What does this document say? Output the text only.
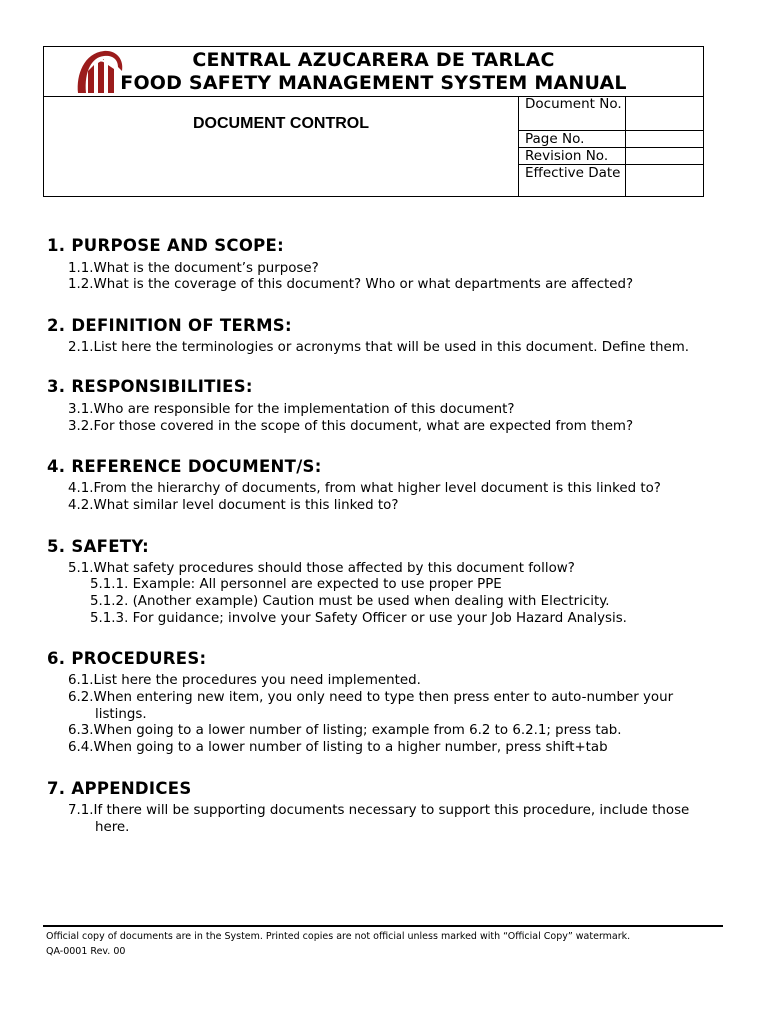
CENTRAL AZUCARERA DE TARLAC
FOOD SAFETY MANAGEMENT SYSTEM MANUAL
DOCUMENT CONTROL
Document No.
Page No.
Revision No.
Effective Date
1. PURPOSE AND SCOPE:
1.1.What is the document’s purpose?
1.2.What is the coverage of this document? Who or what departments are affected?
2. DEFINITION OF TERMS:
2.1.List here the terminologies or acronyms that will be used in this document. Define them.
3. RESPONSIBILITIES:
3.1.Who are responsible for the implementation of this document?
3.2.For those covered in the scope of this document, what are expected from them?
4. REFERENCE DOCUMENT/S:
4.1.From the hierarchy of documents, from what higher level document is this linked to?
4.2.What similar level document is this linked to?
5. SAFETY:
5.1.What safety procedures should those affected by this document follow?
5.1.1. Example: All personnel are expected to use proper PPE
5.1.2. (Another example) Caution must be used when dealing with Electricity.
5.1.3. For guidance; involve your Safety Officer or use your Job Hazard Analysis.
6. PROCEDURES:
6.1.List here the procedures you need implemented.
6.2.When entering new item, you only need to type then press enter to auto-number your
listings.
6.3.When going to a lower number of listing; example from 6.2 to 6.2.1; press tab.
6.4.When going to a lower number of listing to a higher number, press shift+tab
7. APPENDICES
7.1.If there will be supporting documents necessary to support this procedure, include those
here.
Official copy of documents are in the System. Printed copies are not official unless marked with “Official Copy” watermark.
QA-0001 Rev. 00
